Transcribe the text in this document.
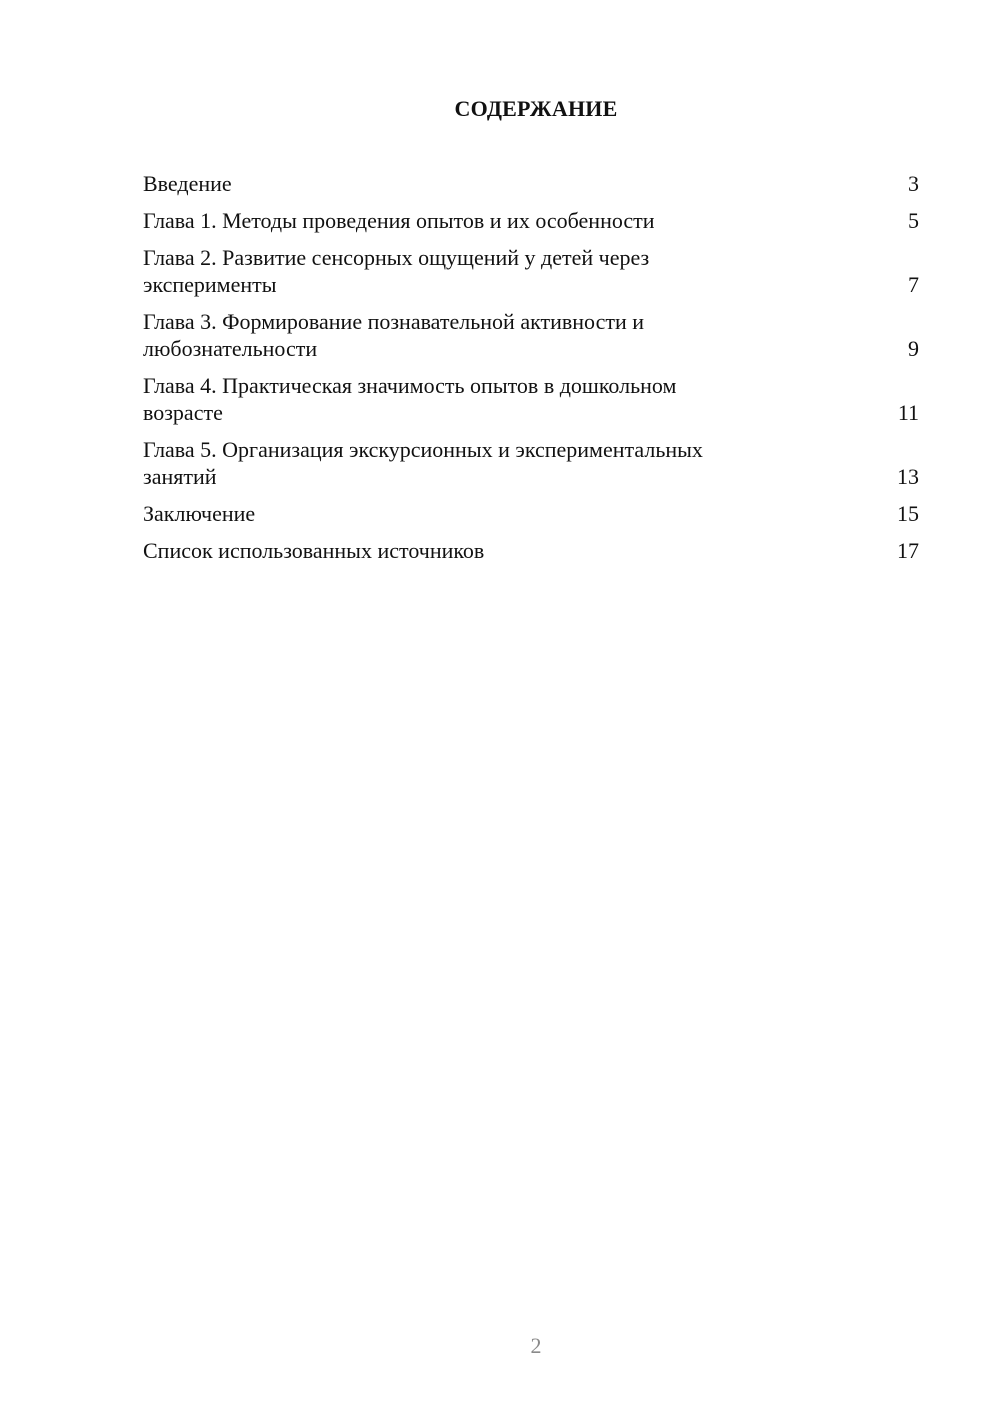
СОДЕРЖАНИЕ
Введение	3
Глава 1. Методы проведения опытов и их особенности	5
Глава 2. Развитие сенсорных ощущений у детей через
эксперименты	7
Глава 3. Формирование познавательной активности и
любознательности	9
Глава 4. Практическая значимость опытов в дошкольном
возрасте	11
Глава 5. Организация экскурсионных и экспериментальных
занятий	13
Заключение	15
Список использованных источников	17
2
